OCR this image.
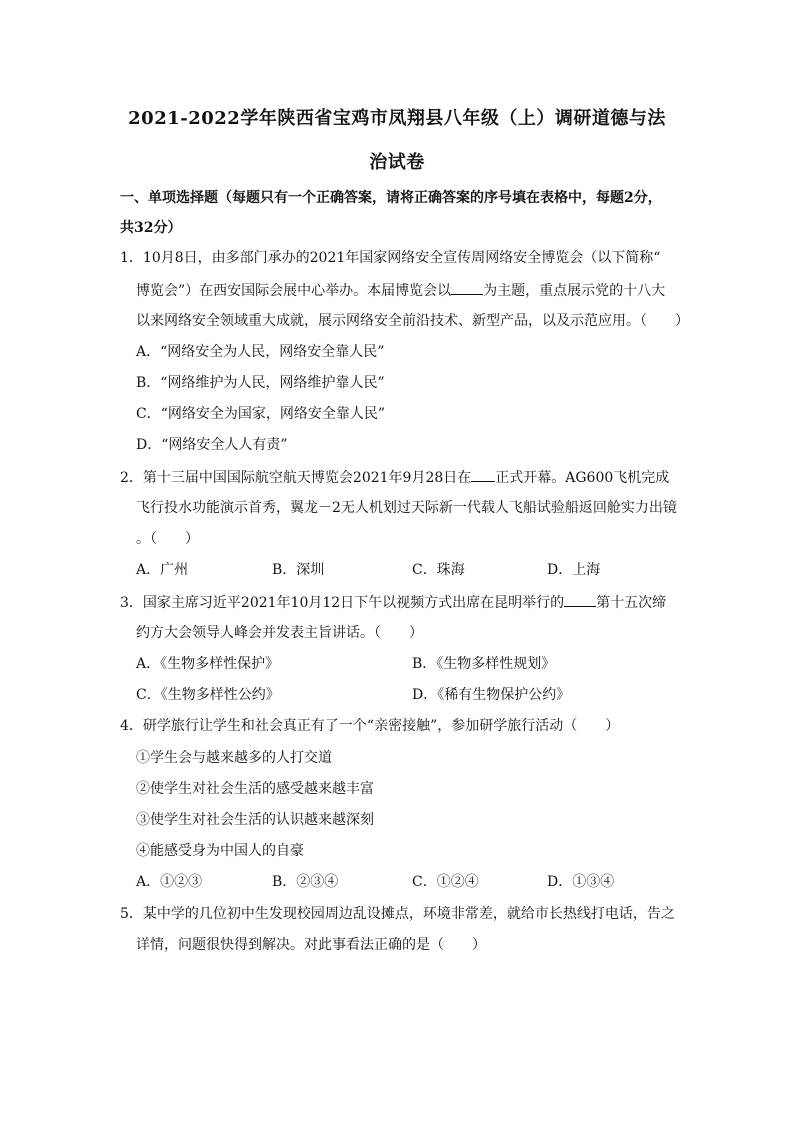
2021-2022学年陕西省宝鸡市凤翔县八年级（上）调研道德与法
治试卷
一、单项选择题（每题只有一个正确答案，请将正确答案的序号填在表格中，每题2分，
共32分）
1．10月8日，由多部门承办的2021年国家网络安全宣传周网络安全博览会（以下简称“
博览会”）在西安国际会展中心举办。本届博览会以 为主题，重点展示党的十八大
以来网络安全领域重大成就，展示网络安全前沿技术、新型产品，以及示范应用。（　　）
A．“网络安全为人民，网络安全靠人民”
B．“网络维护为人民，网络维护靠人民”
C．“网络安全为国家，网络安全靠人民”
D．“网络安全人人有责”
2．第十三届中国国际航空航天博览会2021年9月28日在 正式开幕。AG600飞机完成
飞行投水功能演示首秀，翼龙－2无人机划过天际新一代载人飞船试验船返回舱实力出镜
。（　　）
A．广州	B．深圳	C．珠海	D．上海
3．国家主席习近平2021年10月12日下午以视频方式出席在昆明举行的 第十五次缔
约方大会领导人峰会并发表主旨讲话。（　　）
A．《生物多样性保护》	B．《生物多样性规划》
C．《生物多样性公约》	D．《稀有生物保护公约》
4．研学旅行让学生和社会真正有了一个“亲密接触”，参加研学旅行活动（　　）
①学生会与越来越多的人打交道
②使学生对社会生活的感受越来越丰富
③使学生对社会生活的认识越来越深刻
④能感受身为中国人的自豪
A．①②③	B．②③④	C．①②④	D．①③④
5．某中学的几位初中生发现校园周边乱设摊点，环境非常差，就给市长热线打电话，告之
详情，问题很快得到解决。对此事看法正确的是（　　）
